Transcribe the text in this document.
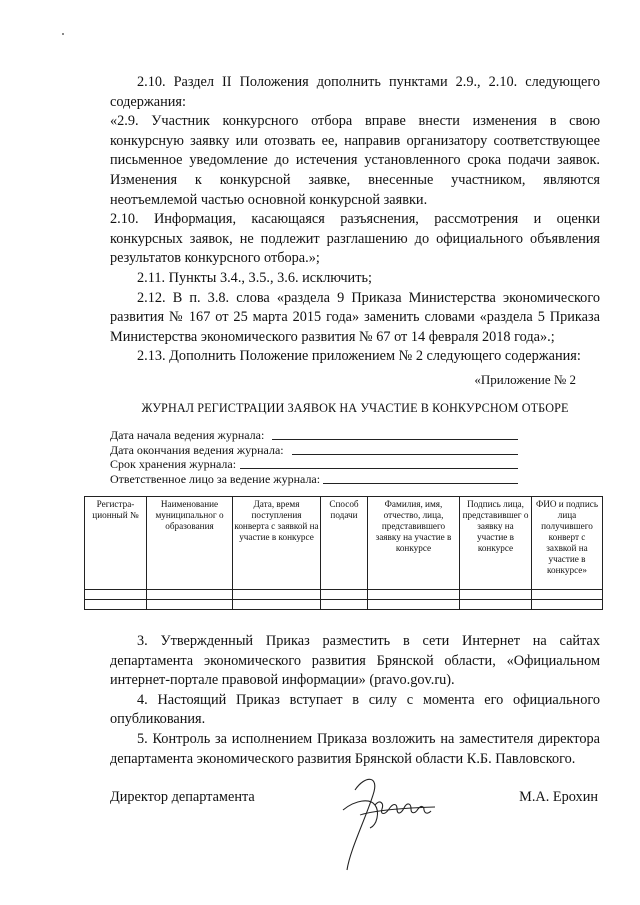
2.10. Раздел II Положения дополнить пунктами 2.9., 2.10. следующего содержания:

«2.9. Участник конкурсного отбора вправе внести изменения в свою конкурсную заявку или отозвать ее, направив организатору соответствующее письменное уведомление до истечения установленного срока подачи заявок. Изменения к конкурсной заявке, внесенные участником, являются неотъемлемой частью основной конкурсной заявки.

2.10. Информация, касающаяся разъяснения, рассмотрения и оценки конкурсных заявок, не подлежит разглашению до официального объявления результатов конкурсного отбора.»;

2.11. Пункты 3.4., 3.5., 3.6. исключить;

2.12. В п. 3.8. слова «раздела 9 Приказа Министерства экономического развития № 167 от 25 марта 2015 года» заменить словами «раздела 5 Приказа Министерства экономического развития № 67 от 14 февраля 2018 года».;

2.13. Дополнить Положение приложением № 2 следующего содержания:

«Приложение № 2
ЖУРНАЛ РЕГИСТРАЦИИ ЗАЯВОК НА УЧАСТИЕ В КОНКУРСНОМ ОТБОРЕ
Дата начала ведения журнала:
Дата окончания ведения журнала:
Срок хранения журнала:
Ответственное лицо за ведение журнала:
Регистра-ционный №	Наименование муниципальног о образования	Дата, время поступления конверта с заявкой на участие в конкурсе	Способ подачи	Фамилия, имя, отчество, лица, представившего заявку на участие в конкурсе	Подпись лица, представившег о заявку на участие в конкурсе	ФИО и подпись лица получившего конверт с захвкой на участие в конкурсе»

3. Утвержденный Приказ разместить в сети Интернет на сайтах департамента экономического развития Брянской области, «Официальном интернет-портале правовой информации» (pravo.gov.ru).

4. Настоящий Приказ вступает в силу с момента его официального опубликования.

5. Контроль за исполнением Приказа возложить на заместителя директора департамента экономического развития Брянской области К.Б. Павловского.

Директор департамента	М.А. Ерохин
